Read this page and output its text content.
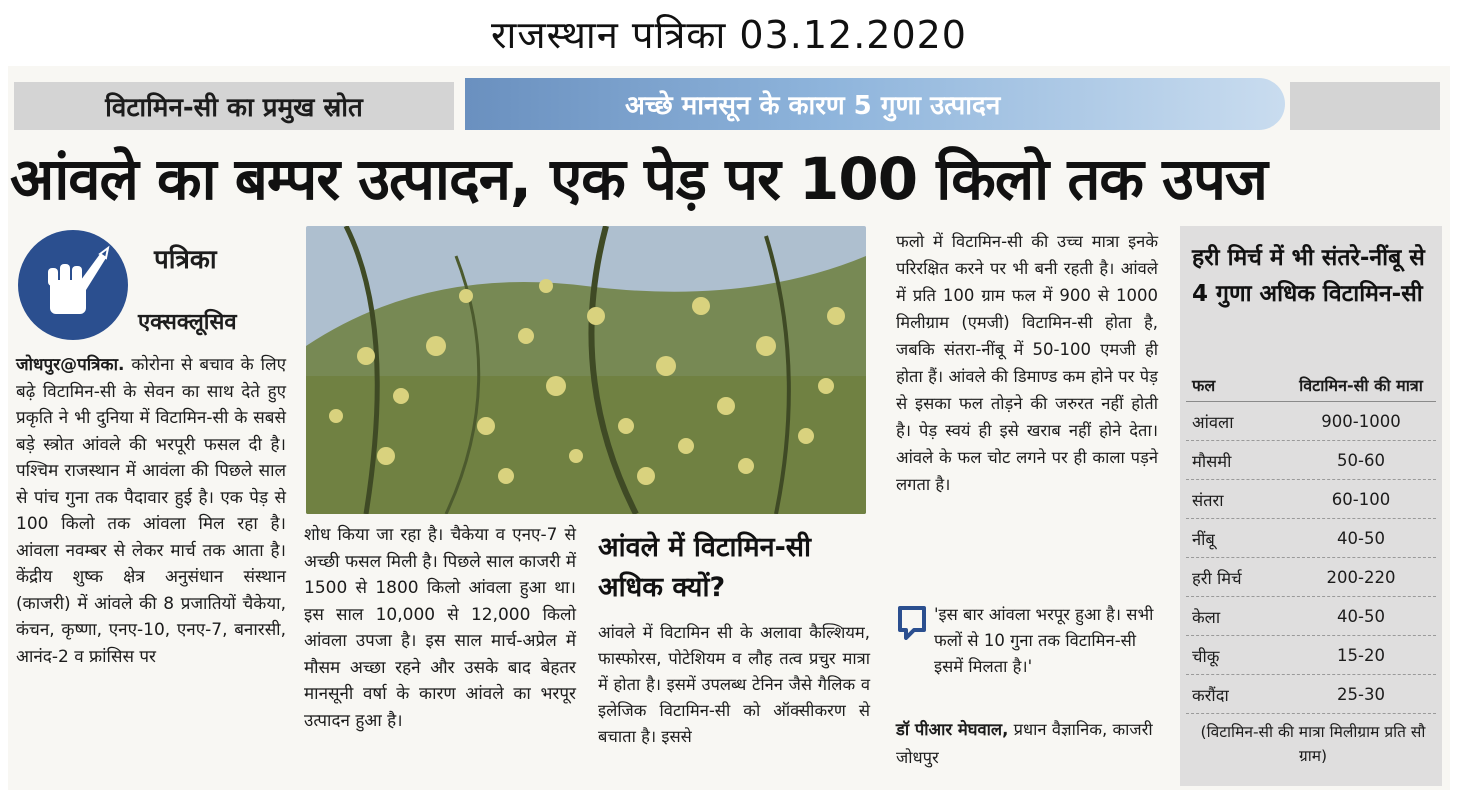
राजस्थान पत्रिका 03.12.2020
विटामिन-सी का प्रमुख स्रोत	अच्छे मानसून के कारण 5 गुणा उत्पादन
आंवले का बम्पर उत्पादन, एक पेड़ पर 100 किलो तक उपज
पत्रिका
एक्सक्लूसिव
जोधपुर@पत्रिका. कोरोना से बचाव के लिए बढ़े विटामिन-सी के सेवन का साथ देते हुए प्रकृति ने भी दुनिया में विटामिन-सी के सबसे बड़े स्त्रोत आंवले की भरपूरी फसल दी है। पश्चिम राजस्थान में आवंला की पिछले साल से पांच गुना तक पैदावार हुई है। एक पेड़ से 100 किलो तक आंवला मिल रहा है। आंवला नवम्बर से लेकर मार्च तक आता है। केंद्रीय शुष्क क्षेत्र अनुसंधान संस्थान (काजरी) में आंवले की 8 प्रजातियों चैकेया, कंचन, कृष्णा, एनए-10, एनए-7, बनारसी, आनंद-2 व फ्रांसिस पर
शोध किया जा रहा है। चैकेया व एनए-7 से अच्छी फसल मिली है। पिछले साल काजरी में 1500 से 1800 किलो आंवला हुआ था। इस साल 10,000 से 12,000 किलो आंवला उपजा है। इस साल मार्च-अप्रेल में मौसम अच्छा रहने और उसके बाद बेहतर मानसूनी वर्षा के कारण आंवले का भरपूर उत्पादन हुआ है।
आंवले में विटामिन-सी अधिक क्यों?
आंवले में विटामिन सी के अलावा कैल्शियम, फास्फोरस, पोटेशियम व लौह तत्व प्रचुर मात्रा में होता है। इसमें उपलब्ध टेनिन जैसे गैलिक व इलेजिक विटामिन-सी को ऑक्सीकरण से बचाता है। इससे
फलो में विटामिन-सी की उच्च मात्रा इनके परिरक्षित करने पर भी बनी रहती है। आंवले में प्रति 100 ग्राम फल में 900 से 1000 मिलीग्राम (एमजी) विटामिन-सी होता है, जबकि संतरा-नींबू में 50-100 एमजी ही होता हैं। आंवले की डिमाण्ड कम होने पर पेड़ से इसका फल तोड़ने की जरुरत नहीं होती है। पेड़ स्वयं ही इसे खराब नहीं होने देता। आंवले के फल चोट लगने पर ही काला पड़ने लगता है।
'इस बार आंवला भरपूर हुआ है। सभी फलों से 10 गुना तक विटामिन-सी इसमें मिलता है।'
डॉ पीआर मेघवाल, प्रधान वैज्ञानिक, काजरी जोधपुर
हरी मिर्च में भी संतरे-नींबू से 4 गुणा अधिक विटामिन-सी
फल	विटामिन-सी की मात्रा
आंवला	900-1000
मौसमी	50-60
संतरा	60-100
नींबू	40-50
हरी मिर्च	200-220
केला	40-50
चीकू	15-20
करौंदा	25-30
(विटामिन-सी की मात्रा मिलीग्राम प्रति सौ ग्राम)
